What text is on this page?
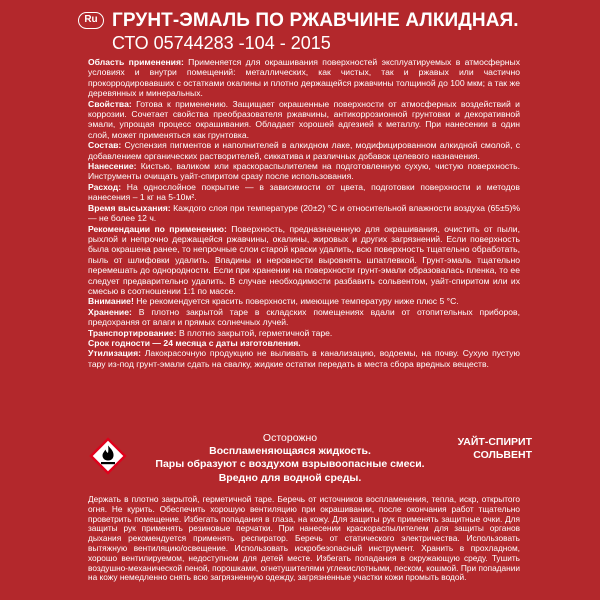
Ru ГРУНТ-ЭМАЛЬ ПО РЖАВЧИНЕ АЛКИДНАЯ.
СТО 05744283 -104 - 2015

Область применения: Применяется для окрашивания поверхностей эксплуатируемых в атмосферных условиях и внутри помещений: металлических, как чистых, так и ржавых или частично прокорродировавших с остатками окалины и плотно держащейся ржавчины толщиной до 100 мкм; а так же деревянных и минеральных.

Свойства: Готова к применению. Защищает окрашенные поверхности от атмосферных воздействий и коррозии. Сочетает свойства преобразователя ржавчины, антикоррозионной грунтовки и декоративной эмали, упрощая процесс окрашивания. Обладает хорошей адгезией к металлу. При нанесении в один слой, может применяться как грунтовка.

Состав: Суспензия пигментов и наполнителей в алкидном лаке, модифицированном алкидной смолой, с добавлением органических растворителей, сиккатива и различных добавок целевого назначения.

Нанесение: Кистью, валиком или краскораспылителем на подготовленную сухую, чистую поверхность. Инструменты очищать уайт-спиритом сразу после использования.

Расход: На однослойное покрытие — в зависимости от цвета, подготовки поверхности и методов нанесения – 1 кг на 5-10м².

Время высыхания: Каждого слоя при температуре (20±2) °С и относительной влажности воздуха (65±5)% — не более 12 ч.

Рекомендации по применению: Поверхность, предназначенную для окрашивания, очистить от пыли, рыхлой и непрочно держащейся ржавчины, окалины, жировых и других загрязнений. Если поверхность была окрашена ранее, то непрочные слои старой краски удалить, всю поверхность тщательно обработать, пыль от шлифовки удалить. Впадины и неровности выровнять шпатлевкой. Грунт-эмаль тщательно перемешать до однородности. Если при хранении на поверхности грунт-эмали образовалась пленка, то ее следует предварительно удалить. В случае необходимости разбавить сольвентом, уайт-спиритом или их смесью в соотношении 1:1 по массе.

Внимание! Не рекомендуется красить поверхности, имеющие температуру ниже плюс 5 °С.

Хранение: В плотно закрытой таре в складских помещениях вдали от отопительных приборов, предохраняя от влаги и прямых солнечных лучей.

Транспортирование: В плотно закрытой, герметичной таре.

Срок годности — 24 месяца с даты изготовления.

Утилизация: Лакокрасочную продукцию не выливать в канализацию, водоемы, на почву. Сухую пустую тару из-под грунт-эмали сдать на свалку, жидкие остатки передать в места сбора вредных веществ.

Осторожно
Воспламеняющаяся жидкость.
Пары образуют с воздухом взрывоопасные смеси.
Вредно для водной среды.
УАЙТ-СПИРИТ
СОЛЬВЕНТ
Держать в плотно закрытой, герметичной таре. Беречь от источников воспламенения, тепла, искр, открытого огня. Не курить. Обеспечить хорошую вентиляцию при окрашивании, после окончания работ тщательно проветрить помещение. Избегать попадания в глаза, на кожу. Для защиты рук применять защитные очки. Для защиты рук применять резиновые перчатки. При нанесении краскораспылителем для защиты органов дыхания рекомендуется применять респиратор. Беречь от статического электричества. Использовать вытяжную вентиляцию/освещение. Использовать искробезопасный инструмент. Хранить в прохладном, хорошо вентилируемом, недоступном для детей месте. Избегать попадания в окружающую среду. Тушить воздушно-механической пеной, порошками, огнетушителями углекислотными, песком, кошмой. При попадании на кожу немедленно снять всю загрязненную одежду, загрязненные участки кожи промыть водой.
